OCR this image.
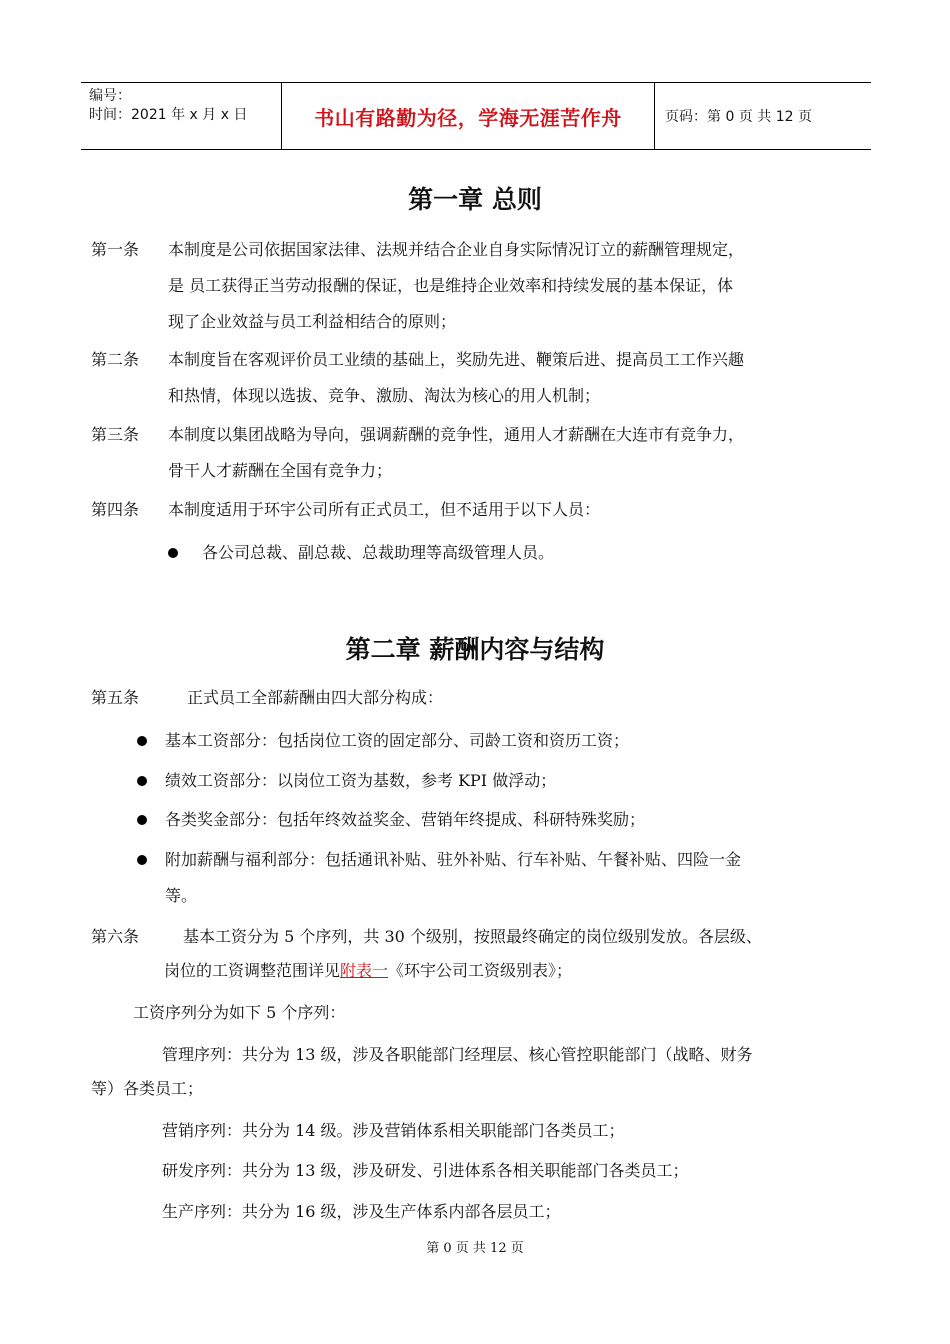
编号：
时间：2021 年 x 月 x 日	书山有路勤为径，学海无涯苦作舟	页码：第 0 页 共 12 页
第一章 总则
第一条 本制度是公司依据国家法律、法规并结合企业自身实际情况订立的薪酬管理规定，
是 员工获得正当劳动报酬的保证，也是维持企业效率和持续发展的基本保证，体
现了企业效益与员工利益相结合的原则；
第二条 本制度旨在客观评价员工业绩的基础上，奖励先进、鞭策后进、提高员工工作兴趣
和热情，体现以选拔、竞争、激励、淘汰为核心的用人机制；
第三条 本制度以集团战略为导向，强调薪酬的竞争性，通用人才薪酬在大连市有竞争力，
骨干人才薪酬在全国有竞争力；
第四条 本制度适用于环宇公司所有正式员工，但不适用于以下人员：
各公司总裁、副总裁、总裁助理等高级管理人员。
第二章 薪酬内容与结构
第五条	正式员工全部薪酬由四大部分构成：
基本工资部分：包括岗位工资的固定部分、司龄工资和资历工资；
绩效工资部分：以岗位工资为基数，参考 KPI 做浮动；
各类奖金部分：包括年终效益奖金、营销年终提成、科研特殊奖励；
附加薪酬与福利部分：包括通讯补贴、驻外补贴、行车补贴、午餐补贴、四险一金
等。
第六条	基本工资分为 5 个序列，共 30 个级别，按照最终确定的岗位级别发放。各层级、
岗位的工资调整范围详见附表一《环宇公司工资级别表》；
工资序列分为如下 5 个序列：
管理序列：共分为 13 级，涉及各职能部门经理层、核心管控职能部门（战略、财务
等）各类员工；
营销序列：共分为 14 级。涉及营销体系相关职能部门各类员工；
研发序列：共分为 13 级，涉及研发、引进体系各相关职能部门各类员工；
生产序列：共分为 16 级，涉及生产体系内部各层员工；
第 0 页 共 12 页
